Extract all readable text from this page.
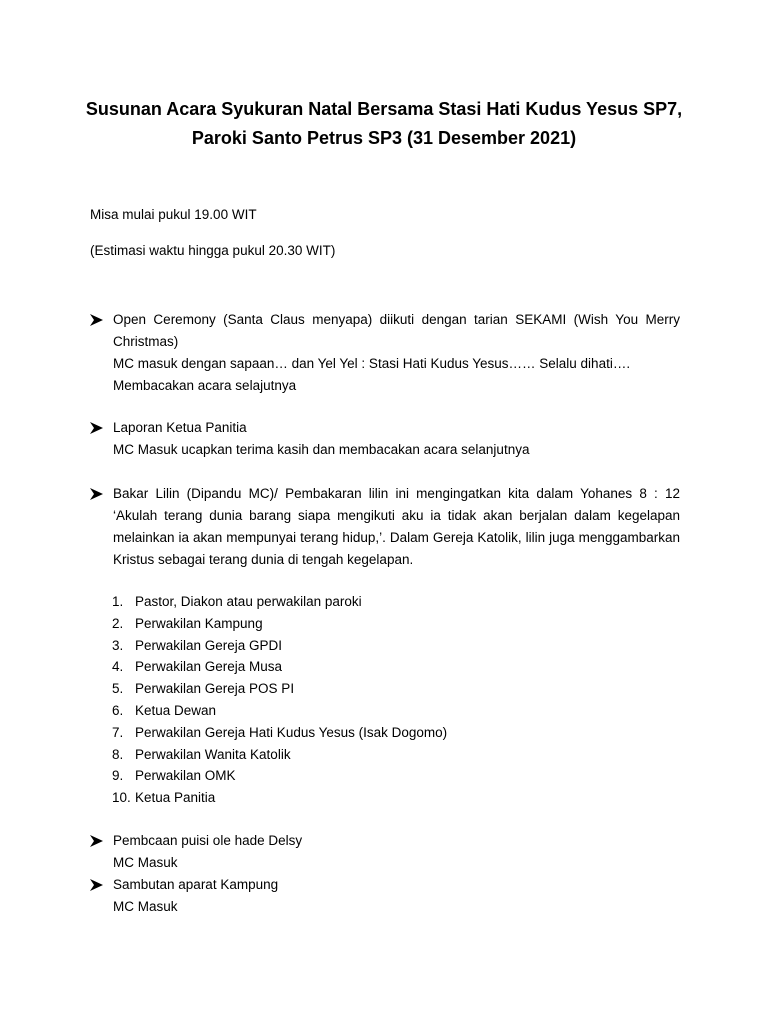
Susunan Acara Syukuran Natal Bersama Stasi Hati Kudus Yesus SP7,
Paroki Santo Petrus SP3 (31 Desember 2021)

Misa mulai pukul 19.00 WIT

(Estimasi waktu hingga pukul 20.30 WIT)

Open Ceremony (Santa Claus menyapa) diikuti dengan tarian SEKAMI (Wish You Merry Christmas)
MC masuk dengan sapaan… dan Yel Yel : Stasi Hati Kudus Yesus…… Selalu dihati….
Membacakan acara selajutnya
Laporan Ketua Panitia
MC Masuk ucapkan terima kasih dan membacakan acara selanjutnya
Bakar Lilin (Dipandu MC)/ Pembakaran lilin ini mengingatkan kita dalam Yohanes 8 : 12 ‘Akulah terang dunia barang siapa mengikuti aku ia tidak akan berjalan dalam kegelapan melainkan ia akan mempunyai terang hidup,’. Dalam Gereja Katolik, lilin juga menggambarkan Kristus sebagai terang dunia di tengah kegelapan.
1. Pastor, Diakon atau perwakilan paroki
2. Perwakilan Kampung
3. Perwakilan Gereja GPDI
4. Perwakilan Gereja Musa
5. Perwakilan Gereja POS PI
6. Ketua Dewan
7. Perwakilan Gereja Hati Kudus Yesus (Isak Dogomo)
8. Perwakilan Wanita Katolik
9. Perwakilan OMK
10. Ketua Panitia
Pembcaan puisi ole hade Delsy
MC Masuk
Sambutan aparat Kampung
MC Masuk
